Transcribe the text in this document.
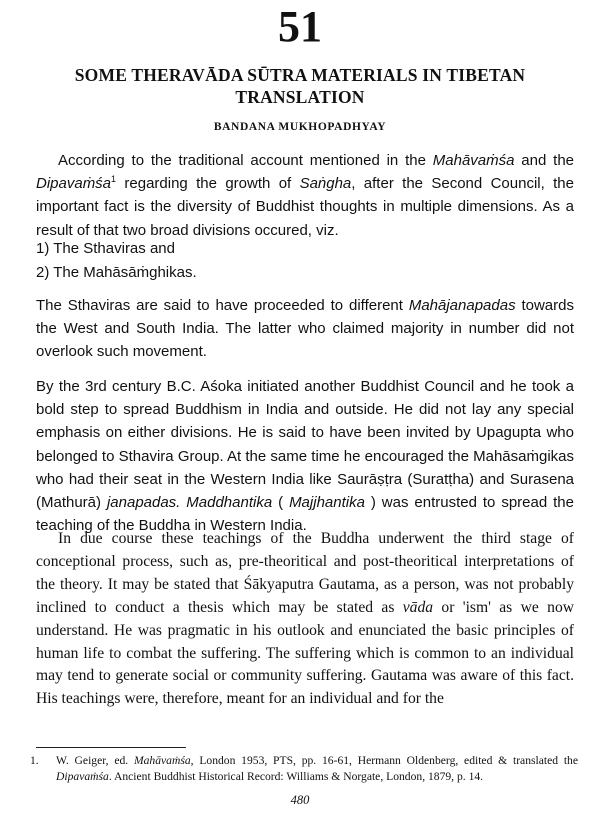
51
SOME THERAVĀDA SŪTRA MATERIALS IN TIBETAN TRANSLATION
BANDANA MUKHOPADHYAY
According to the traditional account mentioned in the Mahāvaṁśa and the Dipavaṁśa$^1$ regarding the growth of Saṅgha, after the Second Council, the important fact is the diversity of Buddhist thoughts in multiple dimensions. As a result of that two broad divisions occured, viz.
1) The Sthaviras and
2) The Mahāsāṁghikas.
The Sthaviras are said to have proceeded to different Mahājanapadas towards the West and South India. The latter who claimed majority in number did not overlook such movement.
By the 3rd century B.C. Aśoka initiated another Buddhist Council and he took a bold step to spread Buddhism in India and outside. He did not lay any special emphasis on either divisions. He is said to have been invited by Upagupta who belonged to Sthavira Group. At the same time he encouraged the Mahāsaṁgikas who had their seat in the Western India like Saurāṣṭra (Suratṭha) and Surasena (Mathurā) janapadas. Maddhantika ( Majjhantika ) was entrusted to spread the teaching of the Buddha in Western India.
In due course these teachings of the Buddha underwent the third stage of conceptional process, such as, pre-theoritical and post-theoritical interpretations of the theory. It may be stated that Śākyaputra Gautama, as a person, was not probably inclined to conduct a thesis which may be stated as vāda or 'ism' as we now understand. He was pragmatic in his outlook and enunciated the basic principles of human life to combat the suffering. The suffering which is common to an individual may tend to generate social or community suffering. Gautama was aware of this fact. His teachings were, therefore, meant for an individual and for the
1. W. Geiger, ed. Mahāvaṁśa, London 1953, PTS, pp. 16-61, Hermann Oldenberg, edited & translated the Dipavaṁśa. Ancient Buddhist Historical Record: Williams & Norgate, London, 1879, p. 14.
480
